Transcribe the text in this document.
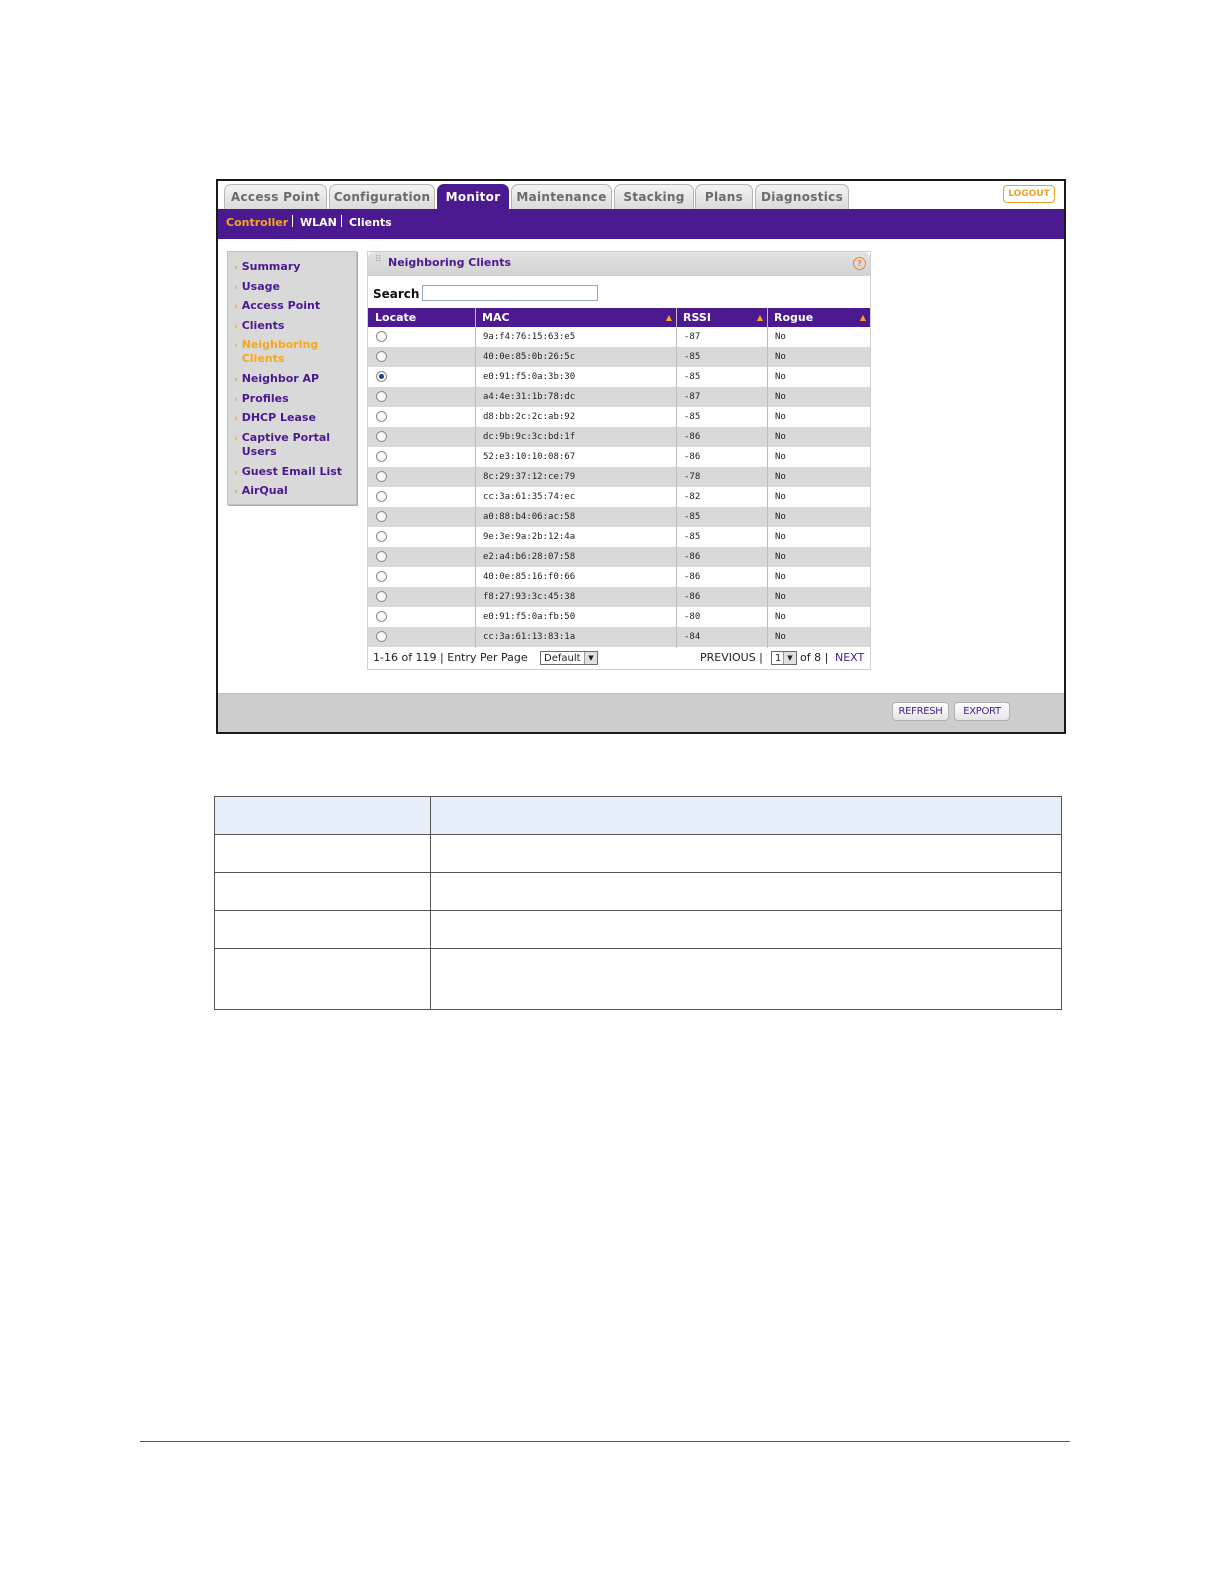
Access Point	Configuration	Monitor	Maintenance	Stacking	Plans	Diagnostics	LOGOUT
Controller WLAN Clients
› Summary
› Usage
› Access Point
› Clients
› Neighboring Clients
› Neighbor AP
› Profiles
› DHCP Lease
› Captive Portal Users
› Guest Email List
› AirQual
⠿ Neighboring Clients	?
Search
Locate	MAC	▲	RSSI	▲	Rogue	▲
9a:f4:76:15:63:e5	-87	No
40:0e:85:0b:26:5c	-85	No
e0:91:f5:0a:3b:30	-85	No
a4:4e:31:1b:78:dc	-87	No
d8:bb:2c:2c:ab:92	-85	No
dc:9b:9c:3c:bd:1f	-86	No
52:e3:10:10:08:67	-86	No
8c:29:37:12:ce:79	-78	No
cc:3a:61:35:74:ec	-82	No
a0:88:b4:06:ac:58	-85	No
9e:3e:9a:2b:12:4a	-85	No
e2:a4:b6:28:07:58	-86	No
40:0e:85:16:f0:66	-86	No
f8:27:93:3c:45:38	-86	No
e0:91:f5:0a:fb:50	-80	No
cc:3a:61:13:83:1a	-84	No
1-16 of 119 | Entry Per Page	Default	▼	PREVIOUS |	1 ▼ of 8 | NEXT
REFRESH	EXPORT
